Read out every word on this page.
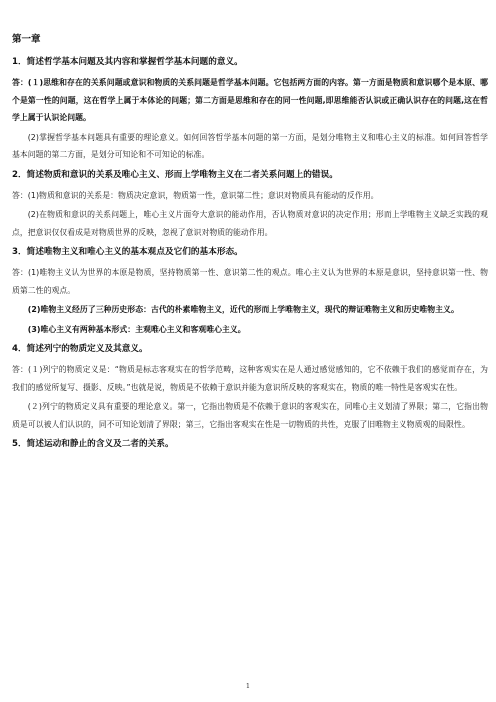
第一章
1．简述哲学基本问题及其内容和掌握哲学基本问题的意义。
答：(１)思维和存在的关系问题或意识和物质的关系问题是哲学基本问题。它包括两方面的内容。第一方面是物质和意识哪个是本原、哪个是第一性的问题，这在哲学上属于本体论的问题；第二方面是思维和存在的同一性问题,即思维能否认识或正确认识存在的问题,这在哲学上属于认识论问题。
(2)掌握哲学基本问题具有重要的理论意义。如何回答哲学基本问题的第一方面，是划分唯物主义和唯心主义的标准。如何回答哲学基本问题的第二方面，是划分可知论和不可知论的标准。
2．简述物质和意识的关系及唯心主义、形而上学唯物主义在二者关系问题上的错误。
答：(1)物质和意识的关系是：物质决定意识，物质第一性，意识第二性；意识对物质具有能动的反作用。
(2)在物质和意识的关系问题上，唯心主义片面夸大意识的能动作用，否认物质对意识的决定作用；形而上学唯物主义缺乏实践的观点，把意识仅仅看成是对物质世界的反映，忽视了意识对物质的能动作用。
3．简述唯物主义和唯心主义的基本观点及它们的基本形态。
答：(1)唯物主义认为世界的本原是物质，坚持物质第一性、意识第二性的观点。唯心主义认为世界的本原是意识，坚持意识第一性、物质第二性的观点。
(2)唯物主义经历了三种历史形态：古代的朴素唯物主义，近代的形而上学唯物主义，现代的辩证唯物主义和历史唯物主义。
(3)唯心主义有两种基本形式：主观唯心主义和客观唯心主义。
4．简述列宁的物质定义及其意义。
答：(１)列宁的物质定义是：“物质是标志客观实在的哲学范畴，这种客观实在是人通过感觉感知的，它不依赖于我们的感觉而存在，为我们的感觉所复写、摄影、反映。”也就是说，物质是不依赖于意识并能为意识所反映的客观实在，物质的唯一特性是客观实在性。
(２)列宁的物质定义具有重要的理论意义。第一，它指出物质是不依赖于意识的客观实在，同唯心主义划清了界限；第二，它指出物质是可以被人们认识的，同不可知论划清了界限；第三，它指出客观实在性是一切物质的共性，克服了旧唯物主义物质观的局限性。
5．简述运动和静止的含义及二者的关系。
1
